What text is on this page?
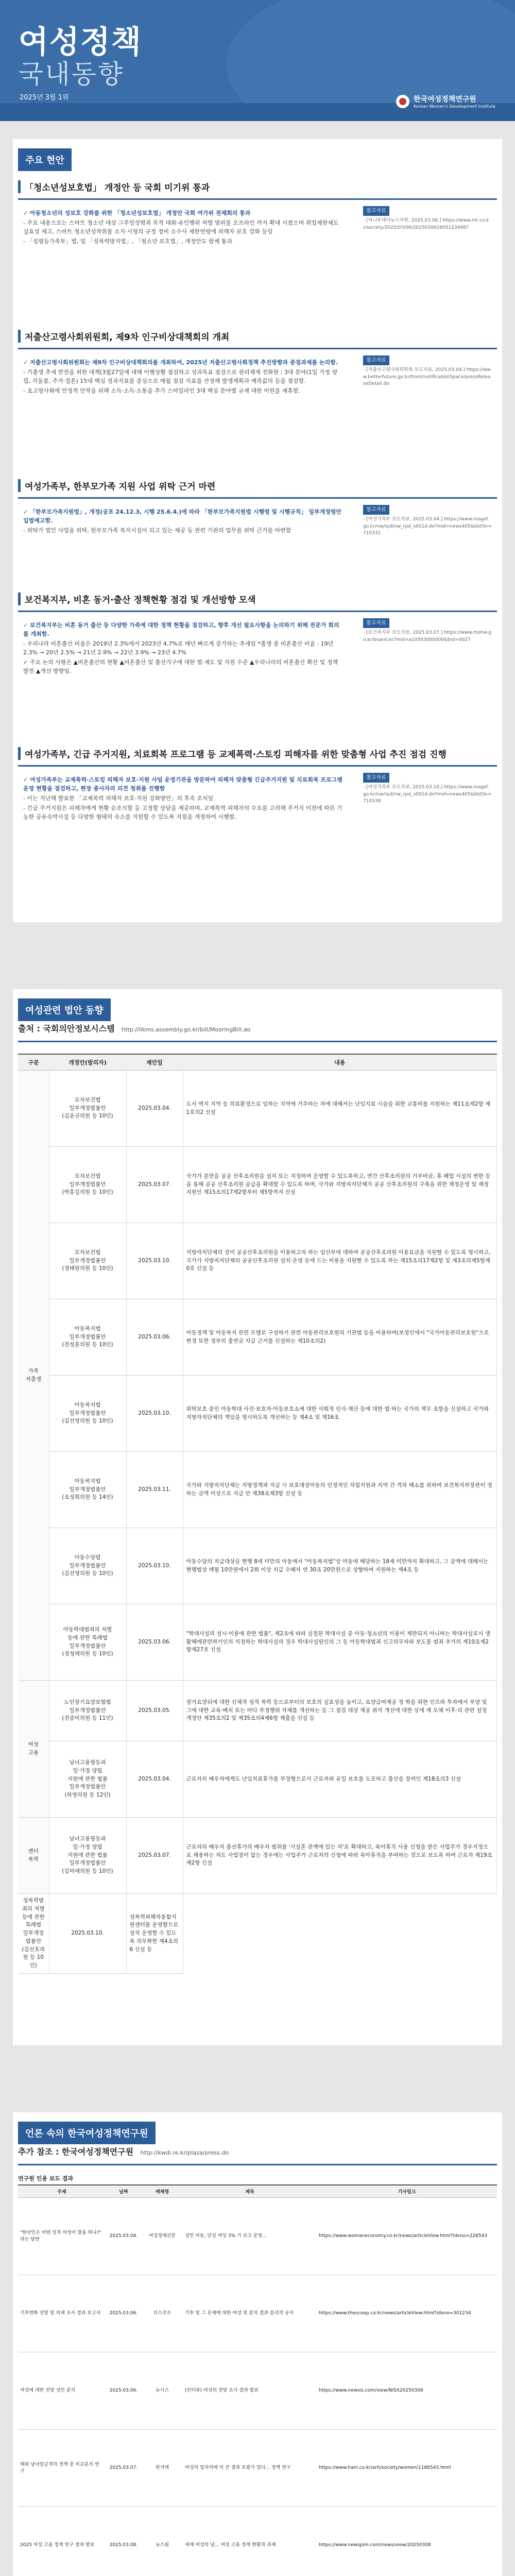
여성정책
국내동향
2025년 3월 1위	한국여성정책연구원
Korean Women's Development Institute
주요 현안
「청소년성보호법」 개정안 등 국회 미기위 통과

✓ 아동청소년의 성보호 강화를 위한 「청소년성보호법」 개정안 국회 여가위 전체회의 통과

- 주요 내용으로는 스마트 청소년 대상 그루밍성범죄 목적 대화·유인행위 처벌 범위를 오프라인 까지 확대 시켰으며 취업제한제도 실효성 제고, 스마트 청소년성착취물 소지·시청의 규정 정비 소수사 제한연령에 피해자 보호 강화 등임

- 「성평등가족부」법, 및 「성폭력방지법」, 「청소년 보호법」, 개정안도 함께 통과

참고자료
- [머니투데이뉴스자원, 2025.03.06.] https://www.mt.co.kr/society/2025/03/06/2025030616051234987
저출산고령사회위원회, 제9차 인구비상대책회의 개최

✓ 저출산고령사회위원회는 제9차 인구비상대책회의를 개최하여, 2025년 저출산고령사회정책 추진방향과 중점과제를 논의함.

- 기출생 추세 반전을 위한 대책(3월27일에 대해 이행상황 점검하고 성과목표 점검으로 관리체계 진화한 : 3대 분야(1일 가정 양립, 각돌봄, 주거·결혼) 15대 핵심 성과지표를 중심으로 매월 점검 지표를 산정해 발생계획과 예측값의 등을 점검함.

- 초고령사회에 안정적 안착을 위해 소득·소득·소통을 추가 스마일라인 3대 핵심 분야별 규제 대한 이원을 제휴함.

참고자료
- [저출산고령사회위원회 보도자료, 2025.03.04.] https://www.betterfuture.go.kr/front/notificationSpace/pressReleaseDetail.do
여성가족부, 한부모가족 지원 사업 위탁 근거 마련

✓ 「한부모가족지원법」, 개정(공포 24.12.3, 시행 25.6.4.)에 따라 「한부모가족지원법 시행령 및 시행규칙」 일부개정령안 입법예고함.

- 위탁가 법인 사업을 위탁, 한부모가족 복지시설이 되고 있는 제공 등 관련 기관의 업무를 위탁 근거를 마련함

참고자료
- [여성가족부 보도자료, 2025.03.04.] https://www.mogef.go.kr/nw/rpd/nw_rpd_s001d.do?mid=news405&bbtSn=710331
보건복지부, 비혼 동거·출산 정책현황 점검 및 개선방향 모색

✓ 보건복지부는 비혼 동거 출산 등 다양한 가족에 대한 정책 현황을 점검하고, 향후 개선 필요사항을 논의하기 위해 전문가 회의를 개최함.

- 우리나라 비혼출산 비율은 2019년 2.3%에서 2023년 4.7%로 매년 빠르게 증가하는 추세임 *출생 중 비혼출산 비율 : 19년 2.3% → 20년 2.5% → 21년 2.9% → 22년 3.9% → 23년 4.7%

✓ 주요 논의 사항은 ▲비혼출산의 현황 ▲비혼출산 및 출산가구에 대한 법·제도 및 지원 수준 ▲우리나라의 비혼출산 확산 및 정책 발전 ▲개선 방향임.

참고자료
- [보건복지부 보도자료, 2025.03.07.] https://www.mohw.go.kr/board.es?mid=a10503000000&bid=0027
여성가족부, 긴급 주거지원, 치료회복 프로그램 등 교제폭력·스토킹 피해자를 위한 맞춤형 사업 추진 점검 진행

✓ 여성가족부는 교제폭력·스토킹 피해자 보호·지원 사업 운영기관을 방문하여 피해자 맞춤형 긴급주거지원 및 치료회복 프로그램 운영 현황을 점검하고, 현장 종사자의 의견 청취를 진행함

- 이는 지난해 발표한 「교제폭력 피해자 보호·지원 강화방안」의 후속 조치임

- 긴급 주거지원은 피해자에게 현황 순조식할 등 고정할 상담을 제공하며, 교제폭력 피해자의 수요를 고려해 주거지 이전에 따른 기능한 공유숙박시설 등 다양한 형태의 숙소를 지원할 수 있도록 지침을 개정하여 시행함.

참고자료
- [여성가족부 보도자료, 2025.03.10.] https://www.mogef.go.kr/nw/rpd/nw_rpd_s001d.do?mid=news405&bbtSn=710338
여성관련 법안 동향
출처 : 국회의안정보시스템 http://likms.assembly.go.kr/bill/MooringBill.do
구분	개정안(발의자)	제안일	내용
가족
저출생	모자보건법
일부개정법률안
(김윤규의원 등 10인)	2025.03.04.	도서 벽지 지역 등 의료환경으로 임하는 지역에 거주하는 자에 대해서는 난임지료 시술을 위한 교통비를 지원하는 제11조제2항 제1호의2 신설
	모자보건법
일부개정법률안
(박홍길의원 등 10인)	2025.03.07.	국가가 분만을 공공 산후조리원을 설치 또는 지정하여 운영할 수 있도록하고, 연간 산후조리원의 기부비금, 휴 폐업 시설의 변한 등을 통해 공공 산후조리원 공급을 확대할 수 있도록 하며, 국가와 지방자치단체가 공공 산후조리원의 구축을 위한 재정운영 및 재정 지원인 제15조의17제2항부터 제5항까지 신설
	모자보건법
일부개정법률안
(정태원의원 등 10인)	2025.03.10.	지방자치단체의 장이 공공산후조리원을 이용하고자 하는 임산부에 대하여 공공산후조리원 이용요금을 지원할 수 있도록 명시하고, 국가가 지방자치단체의 공공산후조리원 설치·운영 등에 드는 비용을 지원할 수 있도록 하는 제15조의17제2항 및 제3조의제5항제0호 신설 등
	아동복지법
일부개정법률안
(전성훈의원 등 10인)	2025.03.06.	아동정책 및 아동복지 관련 모델로 구성하기 관련 아동관리보호원의 기관범 등을 이용하여(보정인에서 "국가아동관리보호원"으로 변경 또한 정부의 출연금 지급 근거를 신설하는 제10조의2)
	아동복지법
일부개정법률안
(김선영의원 등 10인)	2025.03.10.	위탁보호 중인 아동학대 사건·보호자·아동보호소에 대한 사회적 인식·재산 등에 대한 법·하는 국가의 책무 조항을 신설하고 국가와 지방자치단체의 책임을 명시하도록 개선하는 등 제4조 및 제16조
	아동복지법
일부개정법률안
(조성희의원 등 14인)	2025.03.11.	국가와 지방자치단체는 지방정책과 지급 시 보호대상아동의 인정적인 자립지원과 지역 간 격차 해소를 위하여 보건복지부장관이 정하는 금액 이상으로 지급 안 제38조제3항 신설 등
	아동수당법
일부개정법률안
(김선영의원 등 10인)	2025.03.10.	아동수당의 지급대상을 현행 8세 미만의 아동에서 "아동복지법"상 아동에 해당하는 18세 미만까지 확대하고, 그 금액에 대해서는 현행법상 매월 10만원에서 2회 이상 지급 수혜자 연 30조 20만원으로 상향하여 지원하는 제4조 등
	아동학대범죄의 처벌
등에 관한 특례법
일부개정법률안
(정청래의원 등 10인)	2025.03.06.	"학대사실의 설시·이용에 관한 법률", 제2조에 따라 실질된 학대사실 중 아동·청소년의 이용이 제한되지 아니하는 학대사실로서 생활해에관련하기인의 지정하는 학대사실의 경우 학대사실원인의 그 등 아동학대범죄 신고의무자와 보도를 범죄 추가의 제10조제2항제27호 신설
여성
고용	노인장기요양보험법
일부개정법률안
(진종미의원 등 11인)	2025.03.05.	장기요양되에 대한 신체적 성적 폭력 등으로부터의 보호의 실효성을 높이고, 요양급여제공 정 학을 위한 인프라 투자에서 부양 및 그에 대한 교육·배치 또는 마다 부정행위 자체를 개선하는 등 그 점검 대상 제공 취지 개선에 대한 상세 제 모체 이후·의 관련 설정 개정안 제35조의2 및 제35조의4제6항 제출을 신설 등
	남녀고용평등과
일·가정 양립
지원에 관한 법률
일부개정법률안
(허영의원 등 12인)	2025.03.04.	근로자의 배우자에게도 난임치료휴가를 부정형으로서 근로자와 유일 보호를 도모하고 출산을 장려인 제18조의3 신설
젠더
폭력	남녀고용평등과
일·가정 양립
지원에 관한 법률
일부개정법률안
(김미애의원 등 10인)	2025.03.07.	근로자의 배우자 출산휴가의 배우자 범위를 '사실혼 관계에 있는 자'로 확대하고, 육아휴직 사용 신청을 받은 사업주가 경우지정으로 채용하는 자도 사업장이 없는 경우에는 사업주가 근로자의 신청에 따라 육아휴직을 부여하는 것으로 보도록 하여 근로자 제19조 제2항 신설
성폭력범죄의 처벌
등에 관한 특례법
일부개정법률안
(김선호의원 등 10인)	2025.03.10.	성폭력피해자통합지원센터를 운영함으로 설치 운영할 수 있도록 의무화한 제4조의6 신설 등	
언론 속의 한국여성정책연구원
추가 참조 : 한국여성정책연구원 http://kwdi.re.kr/plaza/press.do
연구원 인용 보도 결과
주제	날짜	매체명	제목	기사링크
"한국인은 어떤 성격 여성이 말을 하나?" 라는 답변	2025.03.04.	여성경제신문	성인 아동, 단성 여성 3% 가 보고 문장...	https://www.womaneconomy.co.kr/news/articleView.html?idxno=226543
기후변화 전망 및 의제 조사 결과 보고서	2025.03.06.	더스쿠프	기후 및 그 문제에 대한 여성 및 분석 결과 분석적 공지	https://www.thescoop.co.kr/news/articleView.html?idxno=301234
여성에 대한 전망 성인 분석	2025.03.06.	뉴시스	(인터뷰) 여성의 전망 조사 결과 발표	https://www.newsis.com/view/NISX20250306
해외 남녀임금격차 정책 중 비교분석 연구	2025.03.07.	한겨레	여성의 일자리에 더 큰 결과 포괄가 있다... 정책 연구	https://www.hani.co.kr/arti/society/women/1186543.html
2025 여성 고용 정책 연구 결과 발표	2025.03.08.	뉴스핌	세계 여성의 날... 여성 고용 정책 현황과 과제	https://www.newspim.com/news/view/20250308
